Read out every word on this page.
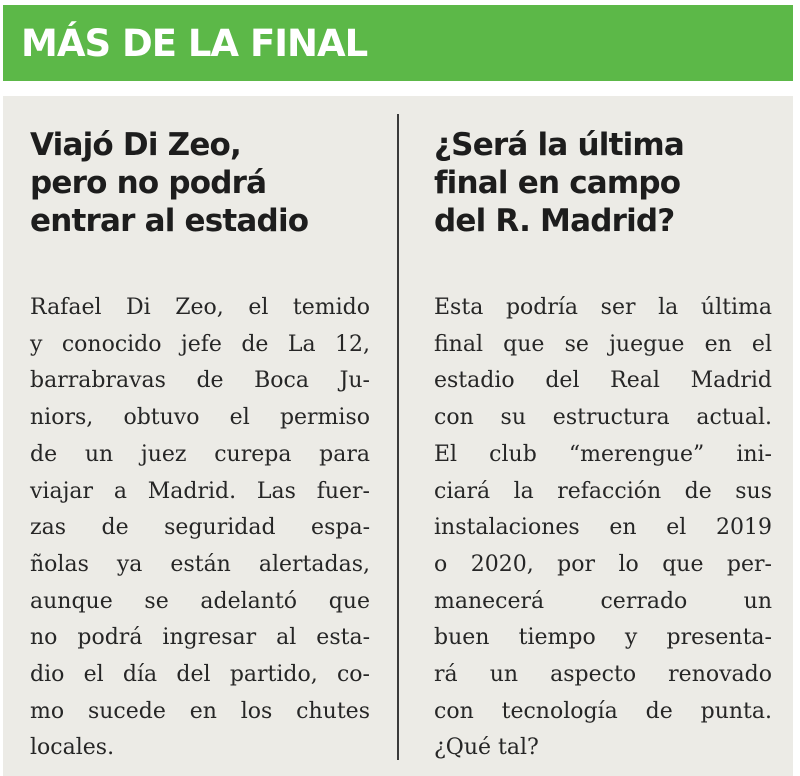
MÁS DE LA FINAL
Viajó Di Zeo,
pero no podrá
entrar al estadio

Rafael Di Zeo, el temido
y conocido jefe de La 12,
barrabravas de Boca Ju-
niors, obtuvo el permiso
de un juez curepa para
viajar a Madrid. Las fuer-
zas de seguridad espa-
ñolas ya están alertadas,
aunque se adelantó que
no podrá ingresar al esta-
dio el día del partido, co-
mo sucede en los chutes
locales.

¿Será la última
final en campo
del R. Madrid?

Esta podría ser la última
final que se juegue en el
estadio del Real Madrid
con su estructura actual.
El club “merengue” ini-
ciará la refacción de sus
instalaciones en el 2019
o 2020, por lo que per-
manecerá cerrado un
buen tiempo y presenta-
rá un aspecto renovado
con tecnología de punta.
¿Qué tal?
